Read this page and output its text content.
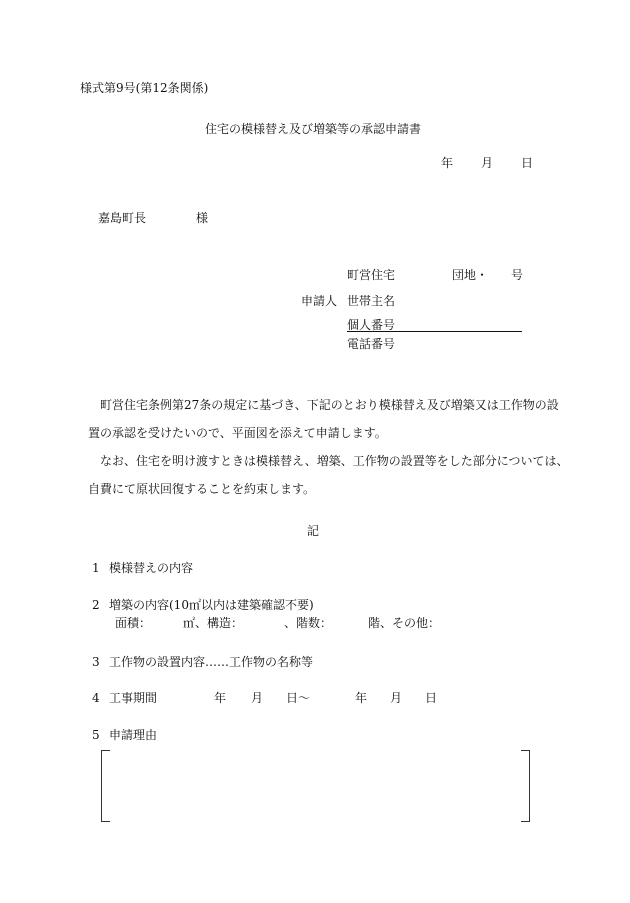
様式第9号(第12条関係)
住宅の模様替え及び増築等の承認申請書
年 月 日
嘉島町長	様
町営住宅	団地・ 号
申請人 世帯主名
個人番号
電話番号
町営住宅条例第27条の規定に基づき、下記のとおり模様替え及び増築又は工作物の設
置の承認を受けたいので、平面図を添えて申請します。
なお、住宅を明け渡すときは模様替え、増築、工作物の設置等をした部分については、
自費にて原状回復することを約束します。
記
1 模様替えの内容
2 増築の内容(10㎡以内は建築確認不要)
面積：	㎡、構造：	、階数：	階、その他：
3 工作物の設置内容……工作物の名称等
4 工事期間	年 月 日～	年 月 日
5 申請理由
